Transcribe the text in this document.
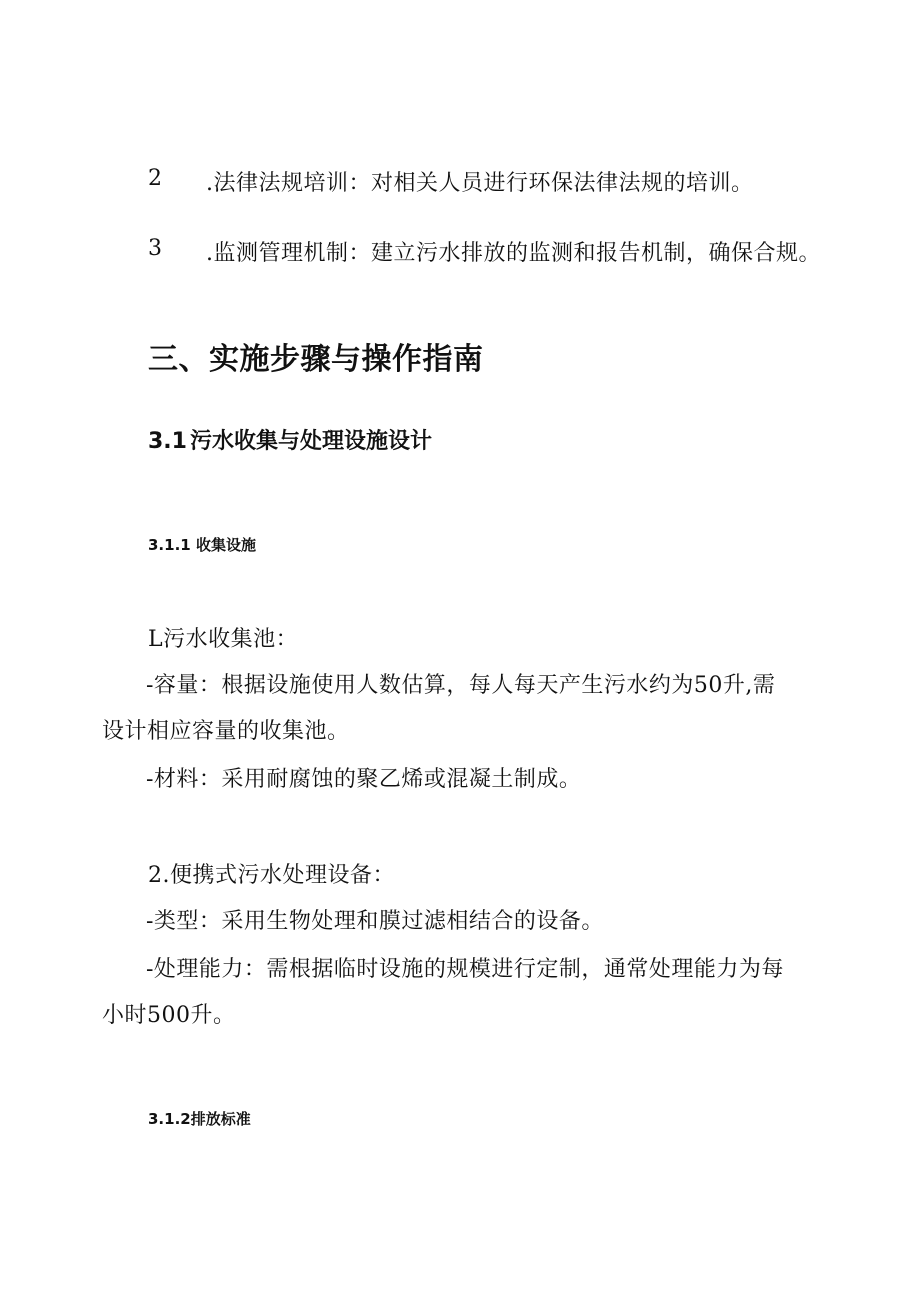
2 .法律法规培训：对相关人员进行环保法律法规的培训。
3 .监测管理机制：建立污水排放的监测和报告机制，确保合规。
三、实施步骤与操作指南
3.1 污水收集与处理设施设计
3.1.1 收集设施
L污水收集池：
-容量：根据设施使用人数估算，每人每天产生污水约为50升,需
设计相应容量的收集池。
-材料：采用耐腐蚀的聚乙烯或混凝土制成。
2.便携式污水处理设备：
-类型：采用生物处理和膜过滤相结合的设备。
-处理能力：需根据临时设施的规模进行定制，通常处理能力为每
小时500升。
3.1.2排放标准
